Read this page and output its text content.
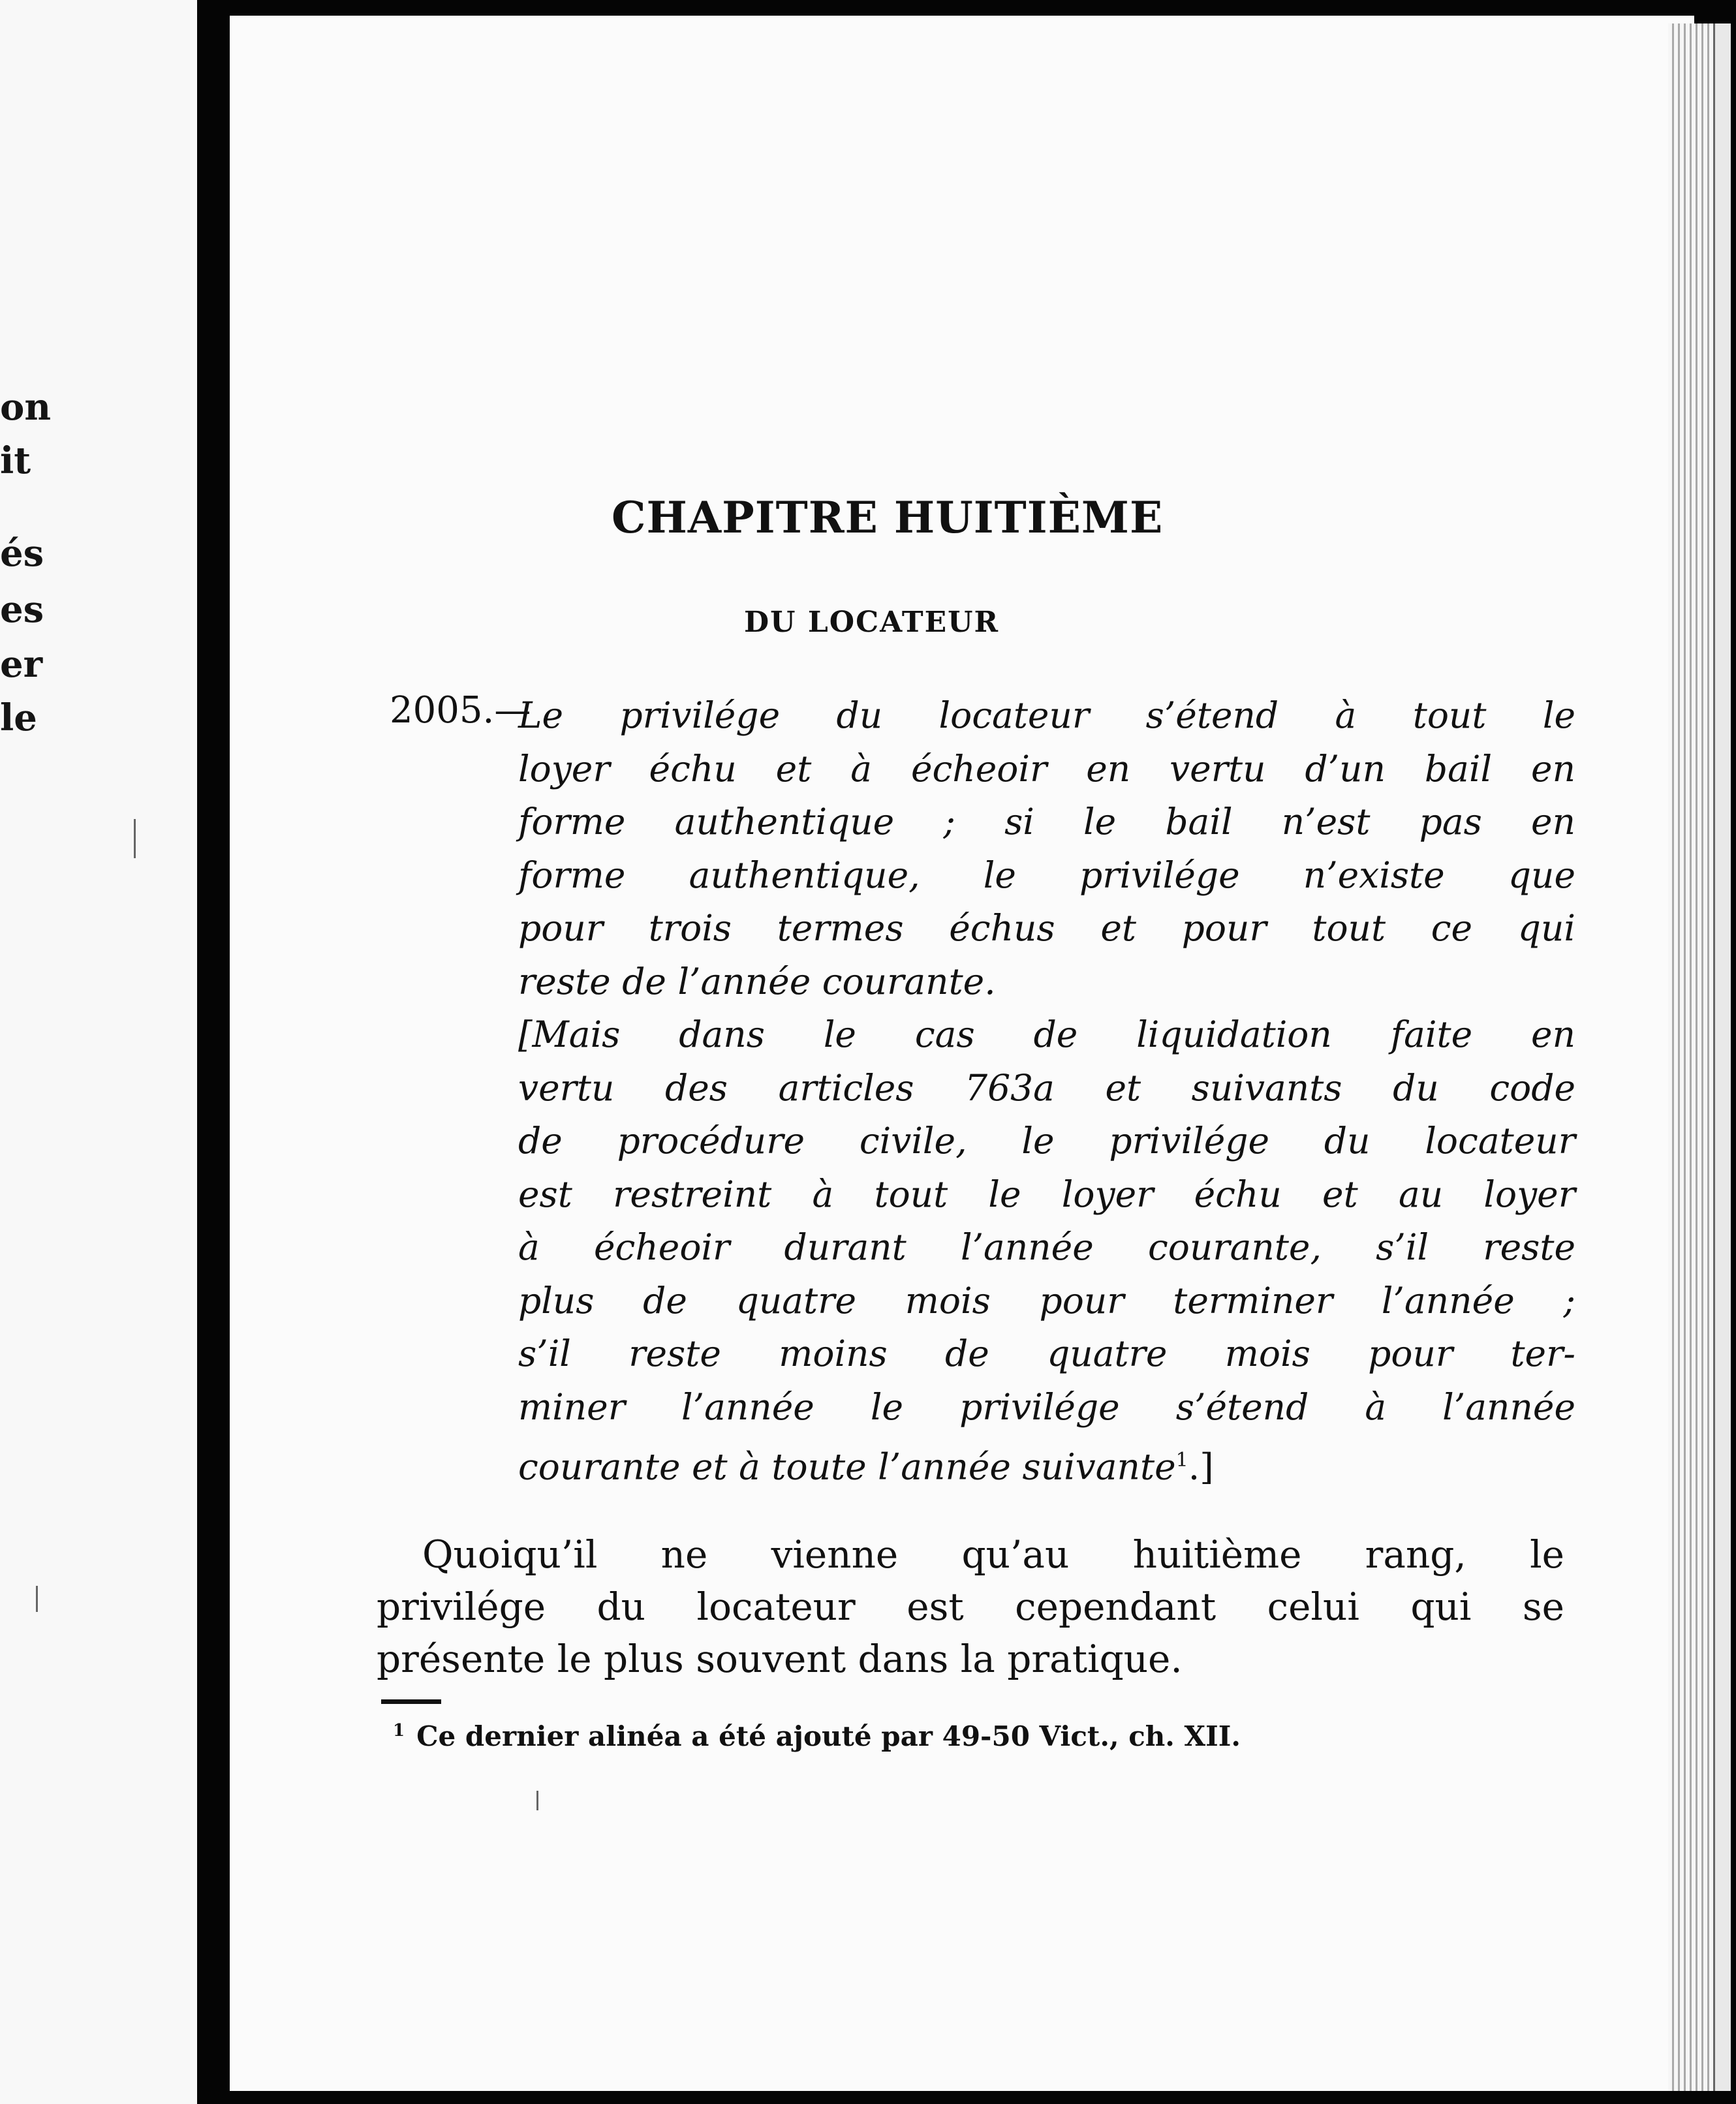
on
it
és
es
er
le
CHAPITRE HUITIÈME
DU LOCATEUR
2005.—
Le privilége du locateur s’étend à tout le
loyer échu et à écheoir en vertu d’un bail en
forme authentique ; si le bail n’est pas en
forme authentique, le privilége n’existe que
pour trois termes échus et pour tout ce qui
reste de l’année courante.
[Mais dans le cas de liquidation faite en
vertu des articles 763a et suivants du code
de procédure civile, le privilége du locateur
est restreint à tout le loyer échu et au loyer
à écheoir durant l’année courante, s’il reste
plus de quatre mois pour terminer l’année ;
s’il reste moins de quatre mois pour ter-
miner l’année le privilége s’étend à l’année
courante et à toute l’année suivante$^1$.]
Quoiqu’il ne vienne qu’au huitième rang, le
privilége du locateur est cependant celui qui se
présente le plus souvent dans la pratique.
$^1$ Ce dernier alinéa a été ajouté par 49-50 Vict., ch. XII.
